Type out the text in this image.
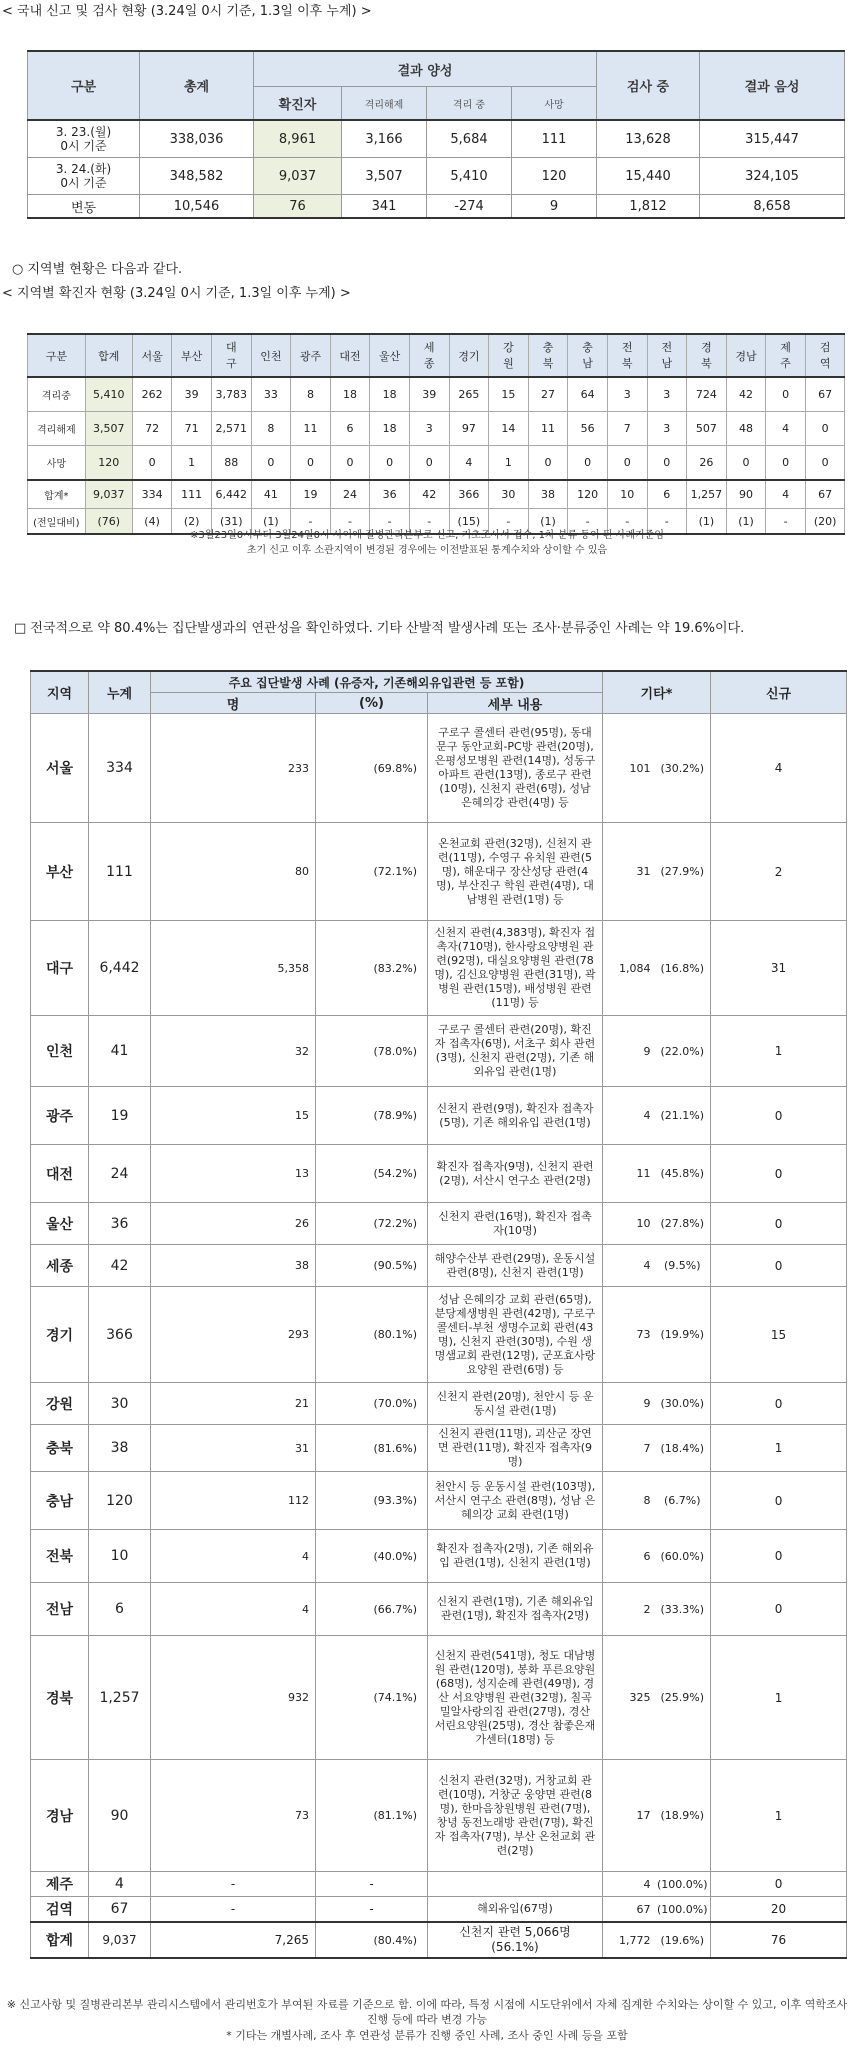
< 국내 신고 및 검사 현황 (3.24일 0시 기준, 1.3일 이후 누계) >
구분	총계	결과 양성				검사 중	결과 음성
		확진자	격리해제	격리 중	사망		
3. 23.(월)
0시 기준	338,036	8,961	3,166	5,684	111	13,628	315,447
3. 24.(화)
0시 기준	348,582	9,037	3,507	5,410	120	15,440	324,105
변동	10,546	76	341	-274	9	1,812	8,658
○ 지역별 현황은 다음과 같다.
< 지역별 확진자 현황 (3.24일 0시 기준, 1.3일 이후 누계) >
구분	합계	서울	부산	대구	인천	광주	대전	울산	세종	경기	강원	충북	충남	전북	전남	경북	경남	제주	검역
격리중	5,410	262	39	3,783	33	8	18	18	39	265	15	27	64	3	3	724	42	0	67
격리해제	3,507	72	71	2,571	8	11	6	18	3	97	14	11	56	7	3	507	48	4	0
사망	120	0	1	88	0	0	0	0	0	4	1	0	0	0	0	26	0	0	0
합계*	9,037	334	111	6,442	41	19	24	36	42	366	30	38	120	10	6	1,257	90	4	67
(전일대비)	(76)	(4)	(2)	(31)	(1)	-	-	-	-	(15)	-	(1)	-	-	-	(1)	(1)	-	(20)
※3월23일0시부터 3월24일0시 사이에 질병관리본부로 신고, 기초조사서 접수, 1차 분류 등이 된 사례기준임
초기 신고 이후 소관지역이 변경된 경우에는 이전발표된 통계수치와 상이할 수 있음
□ 전국적으로 약 80.4%는 집단발생과의 연관성을 확인하였다. 기타 산발적 발생사례 또는 조사·분류중인 사례는 약 19.6%이다.
지역	누계	주요 집단발생 사례 (유증자, 기존해외유입관련 등 포함)			기타*		신규
		명	(%)	세부 내용			
서울	334	233	(69.8%)	구로구 콜센터 관련(95명), 동대문구 동안교회-PC방 관련(20명), 은평성모병원 관련(14명), 성동구 아파트 관련(13명), 종로구 관련(10명), 신천지 관련(6명), 성남 은혜의강 관련(4명) 등	101	(30.2%)	4
부산	111	80	(72.1%)	온천교회 관련(32명), 신천지 관련(11명), 수영구 유치원 관련(5명), 해운대구 장산성당 관련(4명), 부산진구 학원 관련(4명), 대남병원 관련(1명) 등	31	(27.9%)	2
대구	6,442	5,358	(83.2%)	신천지 관련(4,383명), 확진자 접촉자(710명), 한사랑요양병원 관련(92명), 대실요양병원 관련(78명), 김신요양병원 관련(31명), 곽병원 관련(15명), 배성병원 관련(11명) 등	1,084	(16.8%)	31
인천	41	32	(78.0%)	구로구 콜센터 관련(20명), 확진자 접촉자(6명), 서초구 회사 관련(3명), 신천지 관련(2명), 기존 해외유입 관련(1명)	9	(22.0%)	1
광주	19	15	(78.9%)	신천지 관련(9명), 확진자 접촉자(5명), 기존 해외유입 관련(1명)	4	(21.1%)	0
대전	24	13	(54.2%)	확진자 접촉자(9명), 신천지 관련(2명), 서산시 연구소 관련(2명)	11	(45.8%)	0
울산	36	26	(72.2%)	신천지 관련(16명), 확진자 접촉자(10명)	10	(27.8%)	0
세종	42	38	(90.5%)	해양수산부 관련(29명), 운동시설 관련(8명), 신천지 관련(1명)	4	(9.5%)	0
경기	366	293	(80.1%)	성남 은혜의강 교회 관련(65명), 분당제생병원 관련(42명), 구로구 콜센터-부천 생명수교회 관련(43명), 신천지 관련(30명), 수원 생명샘교회 관련(12명), 군포효사랑요양원 관련(6명) 등	73	(19.9%)	15
강원	30	21	(70.0%)	신천지 관련(20명), 천안시 등 운동시설 관련(1명)	9	(30.0%)	0
충북	38	31	(81.6%)	신천지 관련(11명), 괴산군 장연면 관련(11명), 확진자 접촉자(9명)	7	(18.4%)	1
충남	120	112	(93.3%)	천안시 등 운동시설 관련(103명), 서산시 연구소 관련(8명), 성남 은혜의강 교회 관련(1명)	8	(6.7%)	0
전북	10	4	(40.0%)	확진자 접촉자(2명), 기존 해외유입 관련(1명), 신천지 관련(1명)	6	(60.0%)	0
전남	6	4	(66.7%)	신천지 관련(1명), 기존 해외유입 관련(1명), 확진자 접촉자(2명)	2	(33.3%)	0
경북	1,257	932	(74.1%)	신천지 관련(541명), 청도 대남병원 관련(120명), 봉화 푸른요양원(68명), 성지순례 관련(49명), 경산 서요양병원 관련(32명), 칠곡 밀알사랑의집 관련(27명), 경산 서린요양원(25명), 경산 참좋은재가센터(18명) 등	325	(25.9%)	1
경남	90	73	(81.1%)	신천지 관련(32명), 거창교회 관련(10명), 거창군 웅양면 관련(8명), 한마음창원병원 관련(7명), 창녕 동전노래방 관련(7명), 확진자 접촉자(7명), 부산 온천교회 관련(2명)	17	(18.9%)	1
제주	4	-	-		4	(100.0%)	0
검역	67	-	-	해외유입(67명)	67	(100.0%)	20
합계	9,037	7,265	(80.4%)	신천지 관련 5,066명
(56.1%)	1,772	(19.6%)	76
※ 신고사항 및 질병관리본부 관리시스템에서 관리번호가 부여된 자료를 기준으로 함. 이에 따라, 특정 시점에 시도단위에서 자체 집계한 수치와는 상이할 수 있고, 이후 역학조사 진행 등에 따라 변경 가능
* 기타는 개별사례, 조사 후 연관성 분류가 진행 중인 사례, 조사 중인 사례 등을 포함
